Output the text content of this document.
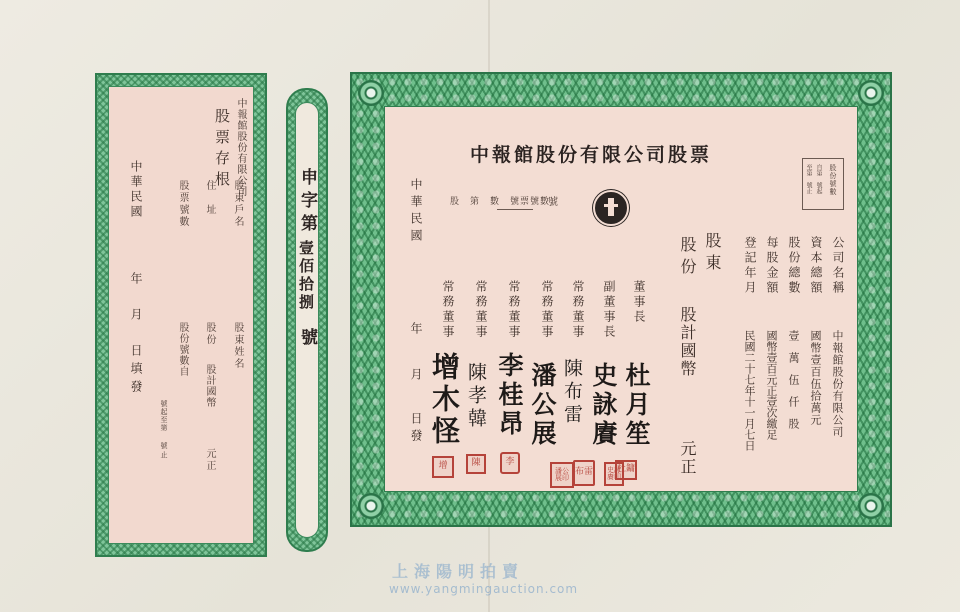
中報館股份有限公司
股票存根
股東戶名
住　址
股票號數
股東姓名
股份
股計國幣
元正
股份號數自
號起至第
號止
中華民國
年　月　日填發
申字第
壹佰拾捌
號
中報館股份有限公司股票
股　第　數　號票號數
號
股份號數
自第　號起
至第　號止
公司名稱
資本總額
股份總數
每股金額
登記年月
中報館股份有限公司
國幣壹百伍拾萬元
壹　萬　伍　仟　股
國幣壹百元正壹次繳足
民國二十七年十一月七日
股東
股份
股計國幣
元正
董事長
副董事長
常務董事
常務董事
常務董事
常務董事
常務董事
中華民國
年
月
日發	杜月笙
史詠賡
陳布雷
潘公展
李桂昂
陳孝韓
增木怪
杜鏞
史詠賡印
布雷
潘公展印
李
陳
增
上海陽明拍賣
www.yangmingauction.com
